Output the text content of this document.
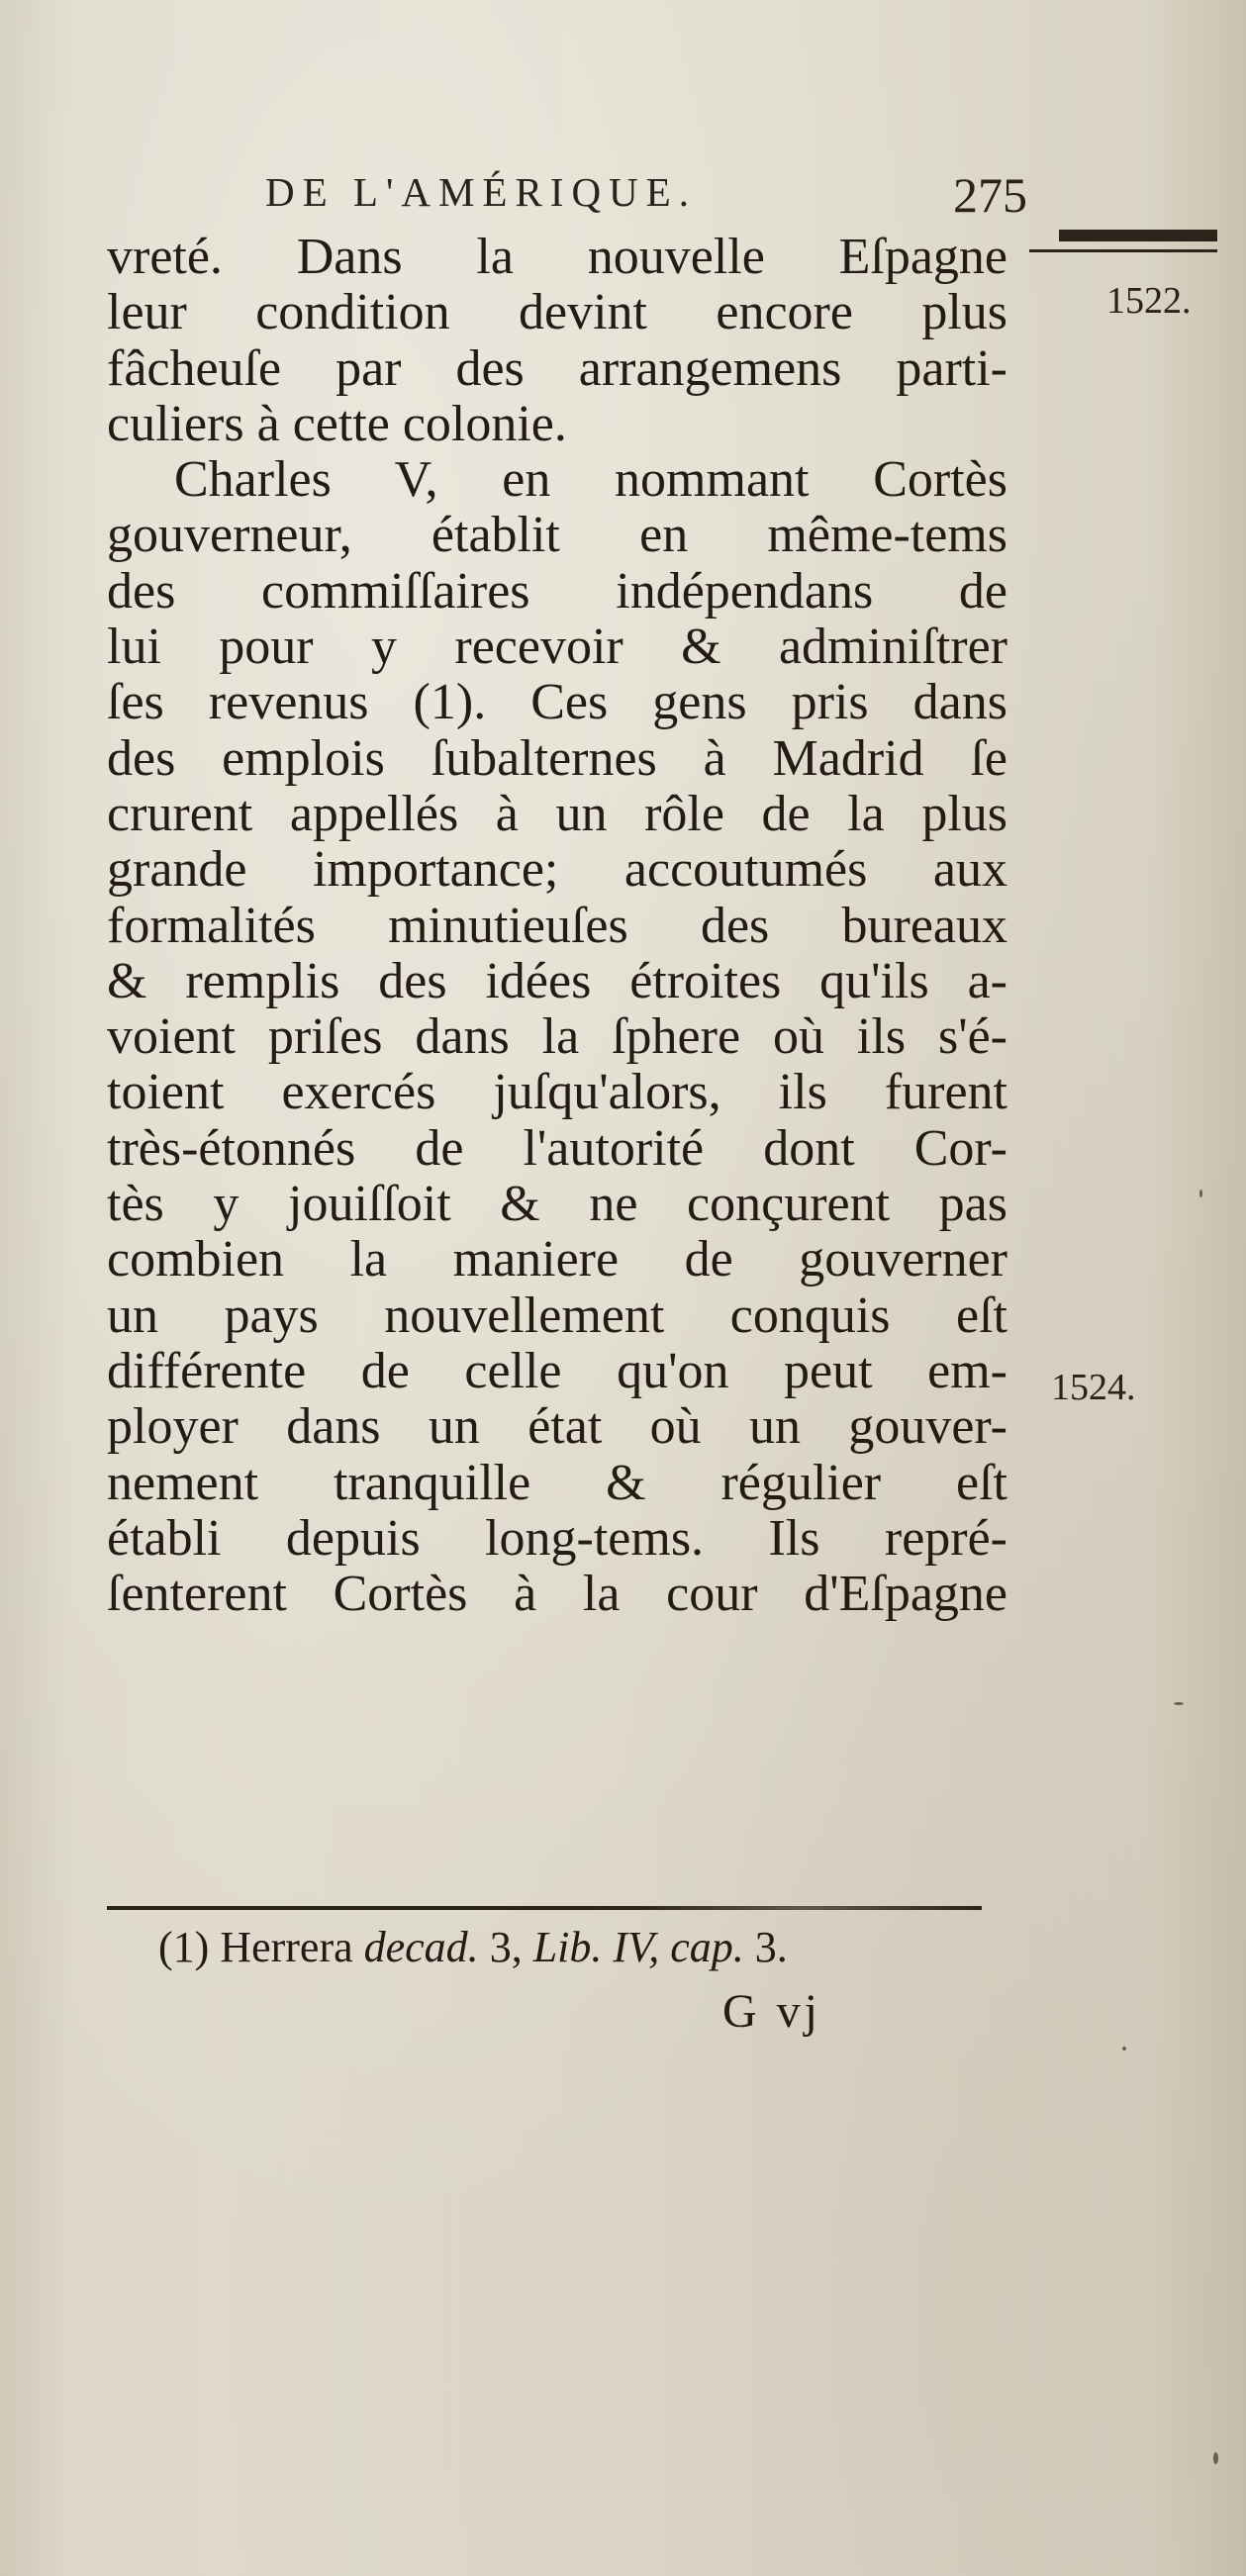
DE L'AMÉRIQUE.	275
1522.
1524.

vreté. Dans la nouvelle Eſpagne
leur condition devint encore plus
fâcheuſe par des arrangemens parti-
culiers à cette colonie.
Charles V, en nommant Cortès
gouverneur, établit en même-tems
des commiſſaires indépendans de
lui pour y recevoir & adminiſtrer
ſes revenus (1). Ces gens pris dans
des emplois ſubalternes à Madrid ſe
crurent appellés à un rôle de la plus
grande importance; accoutumés aux
formalités minutieuſes des bureaux
& remplis des idées étroites qu'ils a-
voient priſes dans la ſphere où ils s'é-
toient exercés juſqu'alors, ils furent
très-étonnés de l'autorité dont Cor-
tès y jouiſſoit & ne conçurent pas
combien la maniere de gouverner
un pays nouvellement conquis eſt
différente de celle qu'on peut em-
ployer dans un état où un gouver-
nement tranquille & régulier eſt
établi depuis long-tems. Ils repré-
ſenterent Cortès à la cour d'Eſpagne

(1) Herrera decad. 3, Lib. IV, cap. 3.
G vj
